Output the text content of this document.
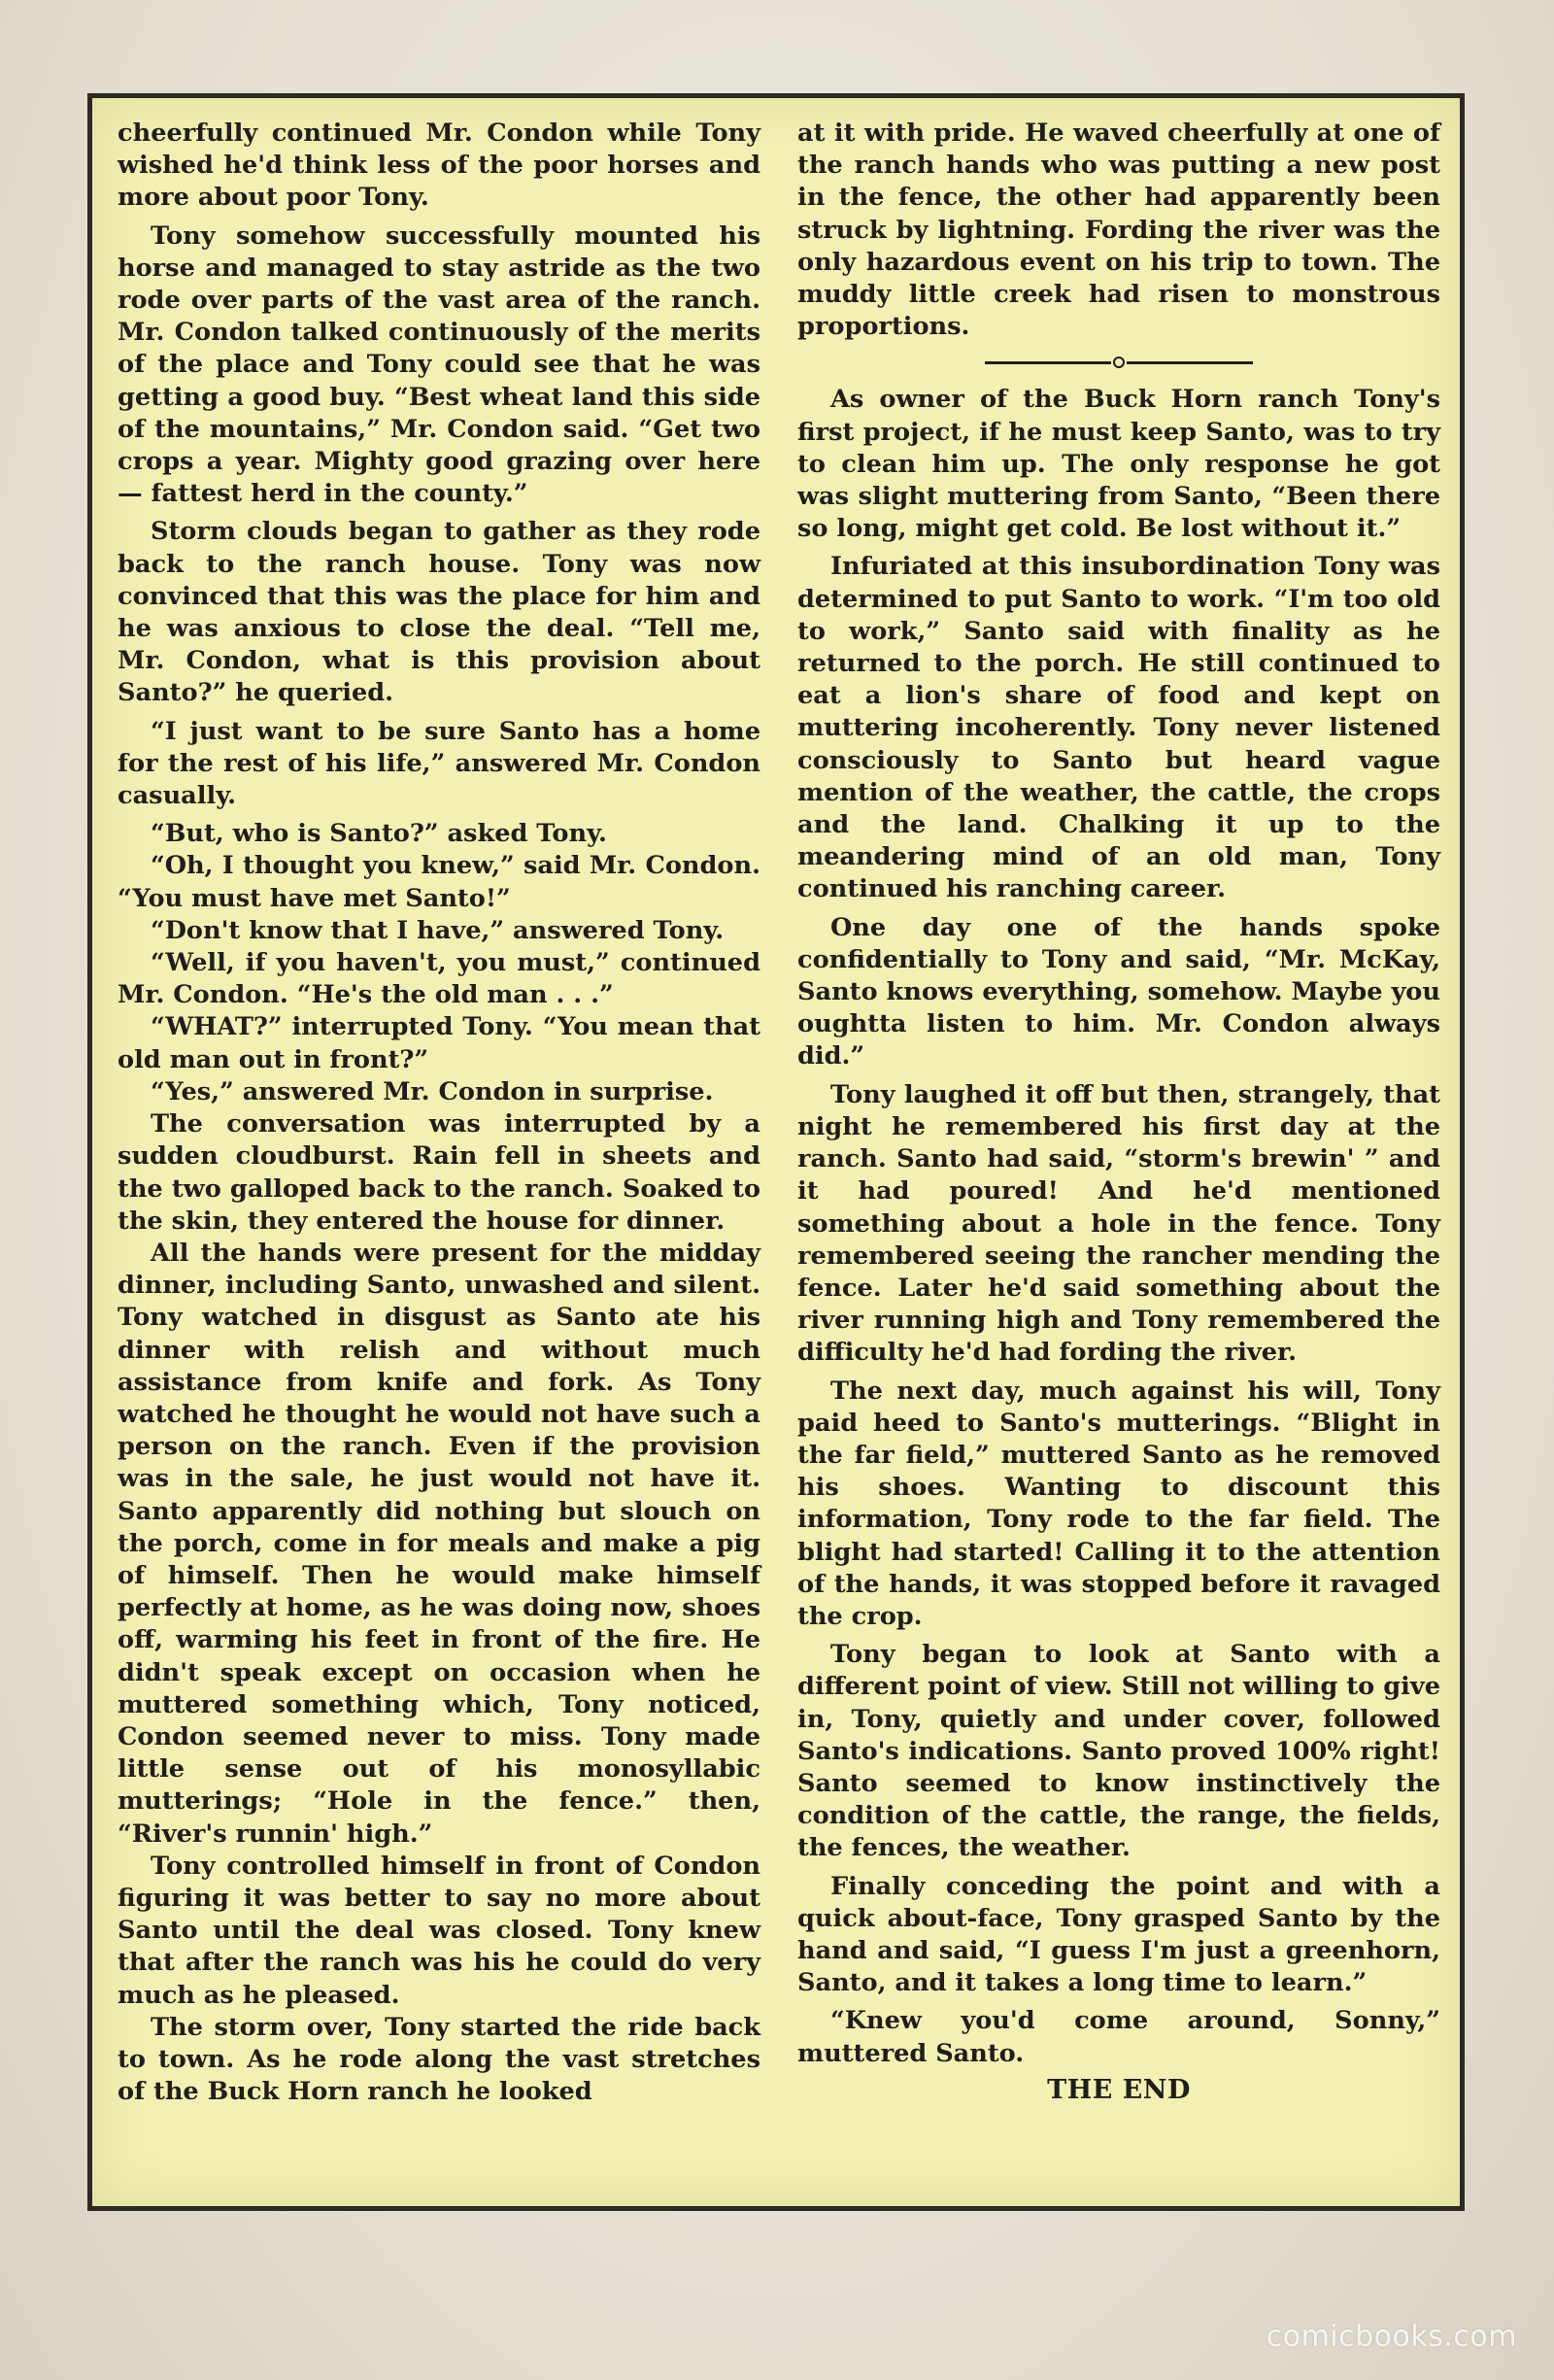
cheerfully continued Mr. Condon while Tony wished he'd think less of the poor horses and more about poor Tony.

Tony somehow successfully mounted his horse and managed to stay astride as the two rode over parts of the vast area of the ranch. Mr. Condon talked continuously of the merits of the place and Tony could see that he was getting a good buy. “Best wheat land this side of the mountains,” Mr. Condon said. “Get two crops a year. Mighty good grazing over here — fattest herd in the county.”

Storm clouds began to gather as they rode back to the ranch house. Tony was now convinced that this was the place for him and he was anxious to close the deal. “Tell me, Mr. Condon, what is this provision about Santo?” he queried.

“I just want to be sure Santo has a home for the rest of his life,” answered Mr. Condon casually.

“But, who is Santo?” asked Tony.

“Oh, I thought you knew,” said Mr. Condon. “You must have met Santo!”

“Don't know that I have,” answered Tony.

“Well, if you haven't, you must,” continued Mr. Condon. “He's the old man . . .”

“WHAT?” interrupted Tony. “You mean that old man out in front?”

“Yes,” answered Mr. Condon in surprise.

The conversation was interrupted by a sudden cloudburst. Rain fell in sheets and the two galloped back to the ranch. Soaked to the skin, they entered the house for dinner.

All the hands were present for the midday dinner, including Santo, unwashed and silent. Tony watched in disgust as Santo ate his dinner with relish and without much assistance from knife and fork. As Tony watched he thought he would not have such a person on the ranch. Even if the provision was in the sale, he just would not have it. Santo apparently did nothing but slouch on the porch, come in for meals and make a pig of himself. Then he would make himself perfectly at home, as he was doing now, shoes off, warming his feet in front of the fire. He didn't speak except on occasion when he muttered something which, Tony noticed, Condon seemed never to miss. Tony made little sense out of his monosyllabic mutterings; “Hole in the fence.” then, “River's runnin' high.”

Tony controlled himself in front of Condon figuring it was better to say no more about Santo until the deal was closed. Tony knew that after the ranch was his he could do very much as he pleased.

The storm over, Tony started the ride back to town. As he rode along the vast stretches of the Buck Horn ranch he looked

at it with pride. He waved cheerfully at one of the ranch hands who was putting a new post in the fence, the other had apparently been struck by lightning. Fording the river was the only hazardous event on his trip to town. The muddy little creek had risen to monstrous proportions.

As owner of the Buck Horn ranch Tony's first project, if he must keep Santo, was to try to clean him up. The only response he got was slight muttering from Santo, “Been there so long, might get cold. Be lost without it.”

Infuriated at this insubordination Tony was determined to put Santo to work. “I'm too old to work,” Santo said with finality as he returned to the porch. He still continued to eat a lion's share of food and kept on muttering incoherently. Tony never listened consciously to Santo but heard vague mention of the weather, the cattle, the crops and the land. Chalking it up to the meandering mind of an old man, Tony continued his ranching career.

One day one of the hands spoke confidentially to Tony and said, “Mr. McKay, Santo knows everything, somehow. Maybe you oughtta listen to him. Mr. Condon always did.”

Tony laughed it off but then, strangely, that night he remembered his first day at the ranch. Santo had said, “storm's brewin' ” and it had poured! And he'd mentioned something about a hole in the fence. Tony remembered seeing the rancher mending the fence. Later he'd said something about the river running high and Tony remembered the difficulty he'd had fording the river.

The next day, much against his will, Tony paid heed to Santo's mutterings. “Blight in the far field,” muttered Santo as he removed his shoes. Wanting to discount this information, Tony rode to the far field. The blight had started! Calling it to the attention of the hands, it was stopped before it ravaged the crop.

Tony began to look at Santo with a different point of view. Still not willing to give in, Tony, quietly and under cover, followed Santo's indications. Santo proved 100% right! Santo seemed to know instinctively the condition of the cattle, the range, the fields, the fences, the weather.

Finally conceding the point and with a quick about-face, Tony grasped Santo by the hand and said, “I guess I'm just a greenhorn, Santo, and it takes a long time to learn.”

“Knew you'd come around, Sonny,” muttered Santo.

THE END

comicbooks.com
